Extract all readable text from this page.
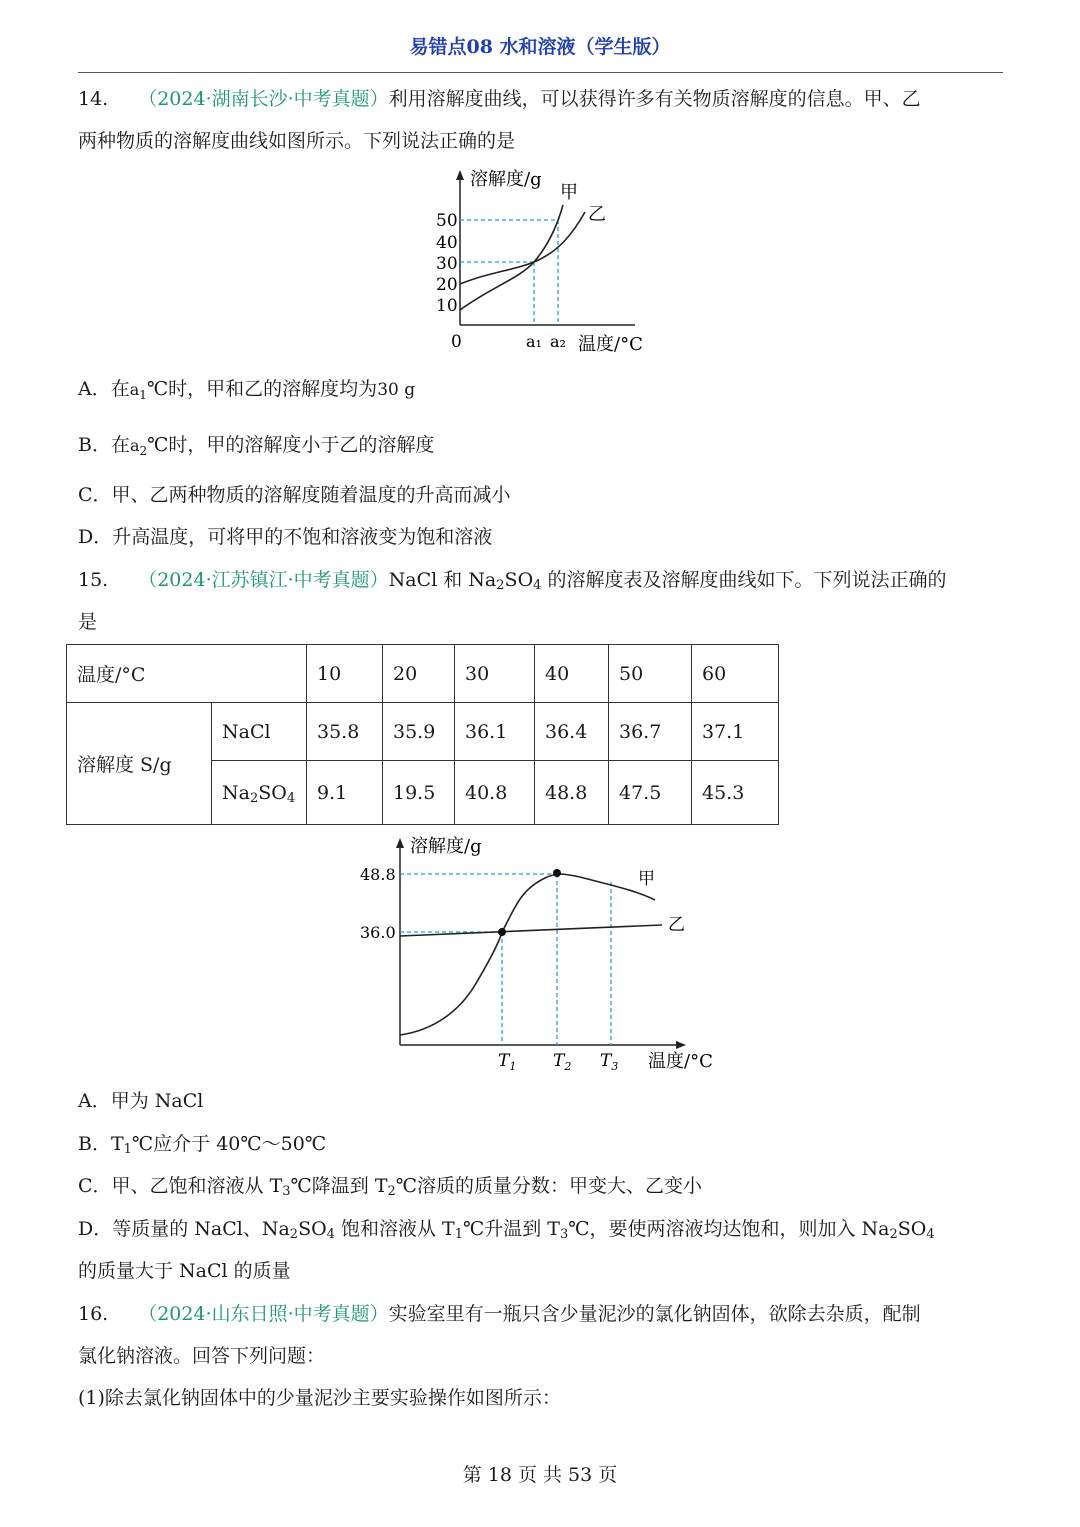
易错点08 水和溶液（学生版）
14. （2024·湖南长沙·中考真题）利用溶解度曲线，可以获得许多有关物质溶解度的信息。甲、乙
两种物质的溶解度曲线如图所示。下列说法正确的是
溶解度/g
甲
乙
50
40
30
20
10
0	a₁ a₂ 温度/°C
A．在$a_1℃$时，甲和乙的溶解度均为30 g
B．在$a_2℃$时，甲的溶解度小于乙的溶解度
C．甲、乙两种物质的溶解度随着温度的升高而减小
D．升高温度，可将甲的不饱和溶液变为饱和溶液
15. （2024·江苏镇江·中考真题）NaCl 和 Na2SO4 的溶解度表及溶解度曲线如下。下列说法正确的
是
温度/°C		10	20	30	40	50	60
溶解度 S/g	NaCl	35.8	35.9	36.1	36.4	36.7	37.1
	Na2SO4	9.1	19.5	40.8	48.8	47.5	45.3
溶解度/g
48.8
36.0
甲
乙
$T_1$ $T_2$ $T_3$ 温度/°C
A．甲为 NaCl
B．T1℃应介于 40℃～50℃
C．甲、乙饱和溶液从 T3℃降温到 T2℃溶质的质量分数：甲变大、乙变小
D．等质量的 NaCl、Na2SO4 饱和溶液从 T1℃升温到 T3℃，要使两溶液均达饱和，则加入 Na2SO4
的质量大于 NaCl 的质量
16. （2024·山东日照·中考真题）实验室里有一瓶只含少量泥沙的氯化钠固体，欲除去杂质，配制
氯化钠溶液。回答下列问题：
(1)除去氯化钠固体中的少量泥沙主要实验操作如图所示：
第 18 页 共 53 页
